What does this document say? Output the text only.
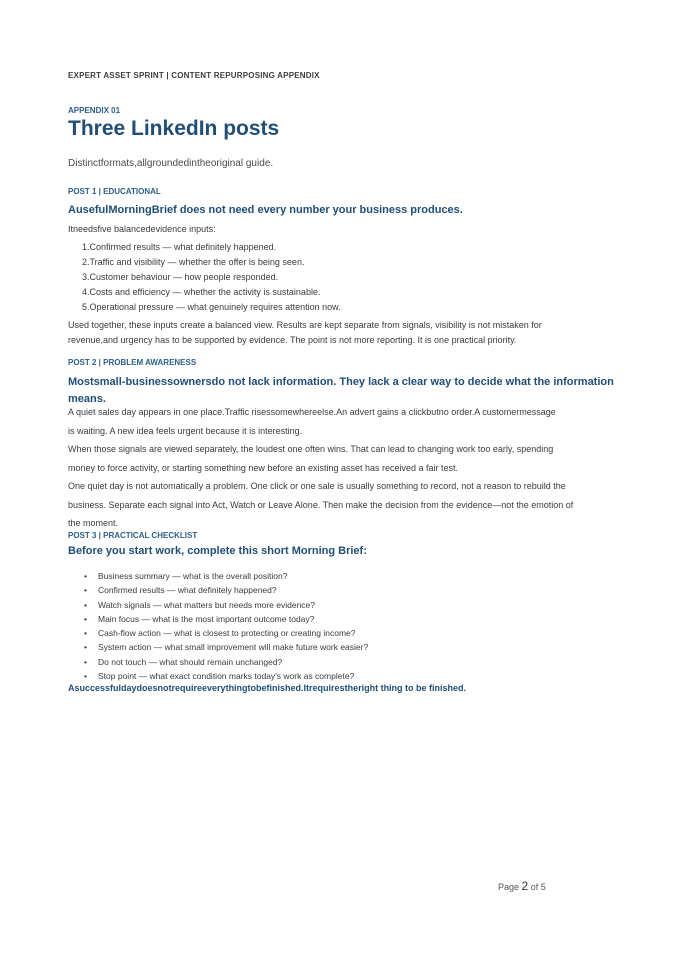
EXPERT ASSET SPRINT | CONTENT REPURPOSING APPENDIX
APPENDIX 01
Three LinkedIn posts
Distinctformats,allgroundedintheoriginal guide.
POST 1 | EDUCATIONAL
AusefulMorningBrief does not need every number your business produces.
Itneedsfive balancedevidence inputs:
1.Confirmed results — what definitely happened.
2.Traffic and visibility — whether the offer is being seen.
3.Customer behaviour — how people responded.
4.Costs and efficiency — whether the activity is sustainable.
5.Operational pressure — what genuinely requires attention now.
Used together, these inputs create a balanced view. Results are kept separate from signals, visibility is not mistaken for
revenue,and urgency has to be supported by evidence. The point is not more reporting. It is one practical priority.
POST 2 | PROBLEM AWARENESS
Mostsmall-businessownersdo not lack information. They lack a clear way to decide what the information
means.
A quiet sales day appears in one place.Traffic risessomewhereelse.An advert gains a clickbutno order.A customermessage
is waiting. A new idea feels urgent because it is interesting.
When those signals are viewed separately, the loudest one often wins. That can lead to changing work too early, spending
money to force activity, or starting something new before an existing asset has received a fair test.
One quiet day is not automatically a problem. One click or one sale is usually something to record, not a reason to rebuild the
business. Separate each signal into Act, Watch or Leave Alone. Then make the decision from the evidence—not the emotion of
the moment.
POST 3 | PRACTICAL CHECKLIST
Before you start work, complete this short Morning Brief:
• Business summary — what is the overall position?
• Confirmed results — what definitely happened?
• Watch signals — what matters but needs more evidence?
• Main focus — what is the most important outcome today?
• Cash-flow action — what is closest to protecting or creating income?
• System action — what small improvement will make future work easier?
• Do not touch — what should remain unchanged?
• Stop point — what exact condition marks today's work as complete?
Asuccessfuldaydoesnotrequireeverythingtobefinished.Itrequirestheright thing to be finished.
Page 2 of 5
